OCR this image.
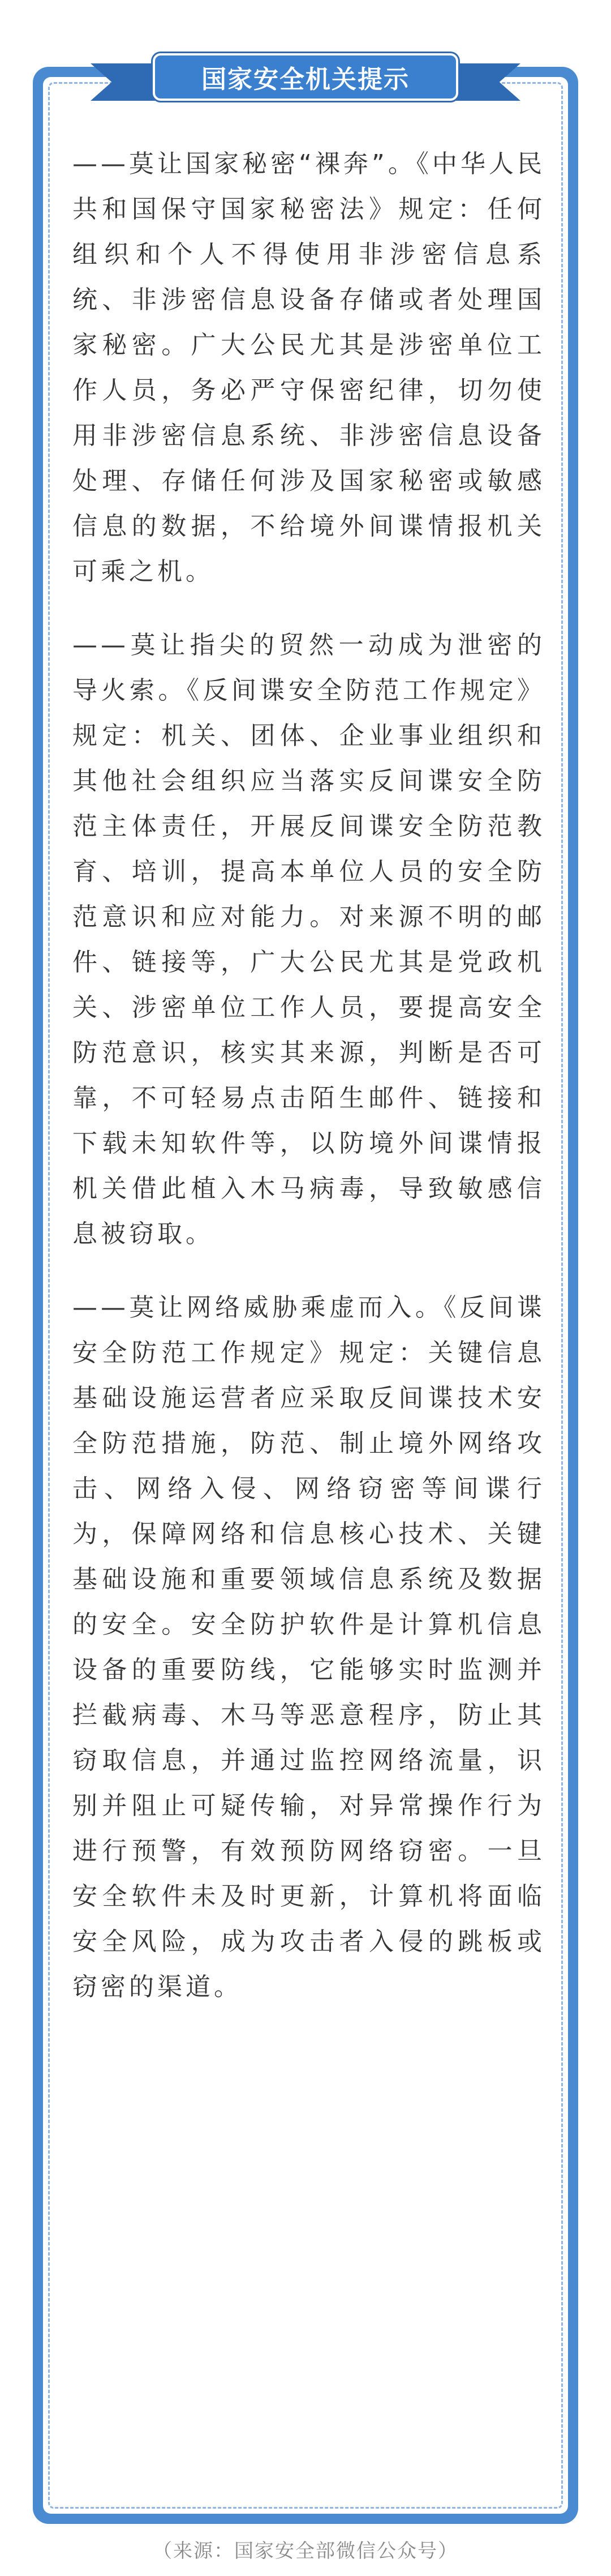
国家安全机关提示

——莫让国家秘密“裸奔”。《中华人民共和国保守国家秘密法》规定：任何组织和个人不得使用非涉密信息系统、非涉密信息设备存储或者处理国家秘密。广大公民尤其是涉密单位工作人员，务必严守保密纪律，切勿使用非涉密信息系统、非涉密信息设备处理、存储任何涉及国家秘密或敏感信息的数据，不给境外间谍情报机关可乘之机。

——莫让指尖的贸然一动成为泄密的导火索。《反间谍安全防范工作规定》规定：机关、团体、企业事业组织和其他社会组织应当落实反间谍安全防范主体责任，开展反间谍安全防范教育、培训，提高本单位人员的安全防范意识和应对能力。对来源不明的邮件、链接等，广大公民尤其是党政机关、涉密单位工作人员，要提高安全防范意识，核实其来源，判断是否可靠，不可轻易点击陌生邮件、链接和下载未知软件等，以防境外间谍情报机关借此植入木马病毒，导致敏感信息被窃取。

——莫让网络威胁乘虚而入。《反间谍安全防范工作规定》规定：关键信息基础设施运营者应采取反间谍技术安全防范措施，防范、制止境外网络攻击、网络入侵、网络窃密等间谍行为，保障网络和信息核心技术、关键基础设施和重要领域信息系统及数据的安全。安全防护软件是计算机信息设备的重要防线，它能够实时监测并拦截病毒、木马等恶意程序，防止其窃取信息，并通过监控网络流量，识别并阻止可疑传输，对异常操作行为进行预警，有效预防网络窃密。一旦安全软件未及时更新，计算机将面临安全风险，成为攻击者入侵的跳板或窃密的渠道。

（来源：国家安全部微信公众号）
